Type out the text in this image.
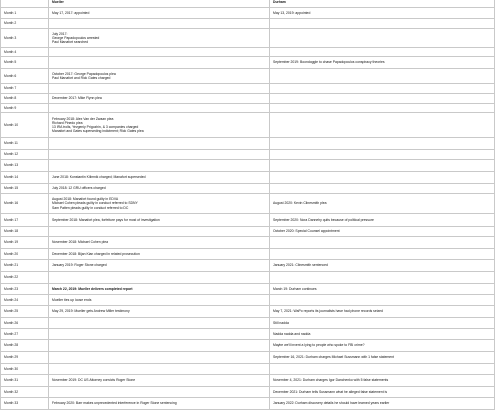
	Mueller	Durham
Month 1	May 17, 2017: appointed	May 13, 2019: appointed

Month 2		
Month 3	July 2017:
George Papadopoulos arrested
Paul Manafort searched	

Month 4		
Month 5		September 2019: Boondoggle to chase Papadopoulos conspiracy theories

Month 6	October 2017: George Papadopoulos plea
Paul Manafort and Rick Gates charged	

Month 7		
Month 8	December 2017: Mike Flynn plea	

Month 9		
Month 10	February 2018: Alex Van der Zwaan plea
Richard Pinedo plea
13 IRA trolls, Yevgeniy Prigozhin, & 3 companies charged
Manafort and Gates superseding indictment; Rick Gates plea	

Month 11		
Month 12		
Month 13		
Month 14	June 2018: Konstantin Kilimnik charged; Manafort superseded	

Month 15	July 2018: 12 GRU officers charged	

Month 16	August 2018: Manafort found guilty in EDVA
Michael Cohen pleads guilty in conduct referred to SDNY
Sam Patten pleads guilty in conduct referred to DC	August 2020: Kevin Clinesmith plea

Month 17	September 2018: Manafort plea, forfeiture pays for most of investigation	September 2020: Nora Dannehy quits because of political pressure

Month 18		October 2020: Special Counsel appointment

Month 19	November 2018: Michael Cohen plea	

Month 20	December 2018: Bijan Kian charged in related prosecution	

Month 21	January 2019: Roger Stone charged	January 2021: Clinesmith sentenced

Month 22		
Month 23	March 22, 2019: Mueller delivers completed report	March 19: Durham continues

Month 24	Mueller ties up loose ends	

Month 25	May 29, 2019: Mueller gets Andrew Miller testimony	May 7, 2021: WaPo reports its journalists have had phone records seized

Month 26		Still nadda

Month 27		Nadda nadda and nadda

Month 28		Maybe we'll invent a lying to people who spoke to FBI crime?

Month 29		September 16, 2021: Durham charges Michael Sussmann with 1 false statement

Month 30		
Month 31	November 2019: DC US Attorney convicts Roger Stone	November 4, 2021: Durham charges Igor Danchenko with 5 false statements

Month 32		December 2021: Durham tells Sussmann what he alleged false statement is

Month 33	February 2020: Barr makes unprecedented interference in Roger Stone sentencing	January 2022: Durham discovery details he should have learned years earlier
